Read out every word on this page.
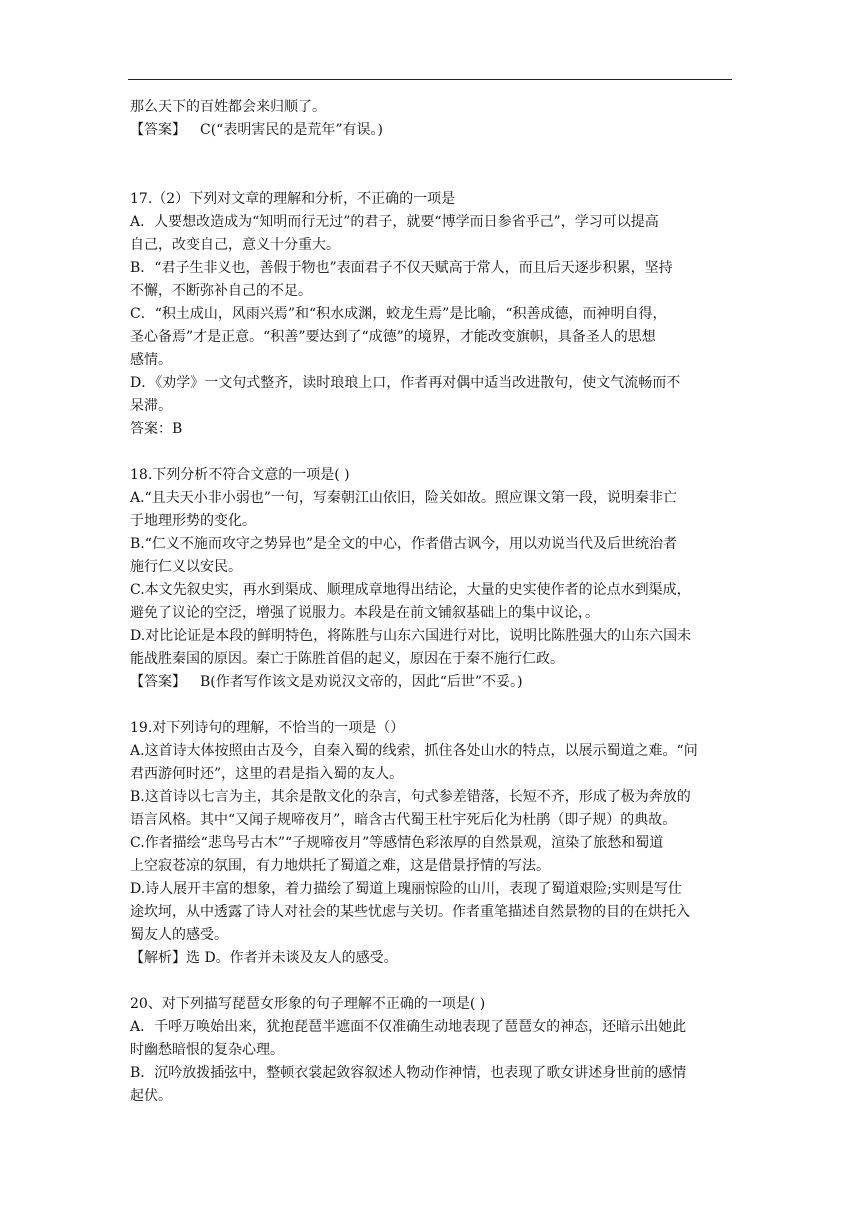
那么天下的百姓都会来归顺了。
【答案】 C(“表明害民的是荒年”有误。)
17.（2）下列对文章的理解和分析，不正确的一项是
A．人要想改造成为“知明而行无过”的君子，就要“博学而日参省乎己”，学习可以提高
自己，改变自己，意义十分重大。
B．“君子生非义也，善假于物也”表面君子不仅天赋高于常人，而且后天逐步积累，坚持
不懈，不断弥补自己的不足。
C．“积土成山，风雨兴焉”和“积水成渊，蛟龙生焉”是比喻，“积善成德，而神明自得，
圣心备焉”才是正意。“积善”要达到了“成德”的境界，才能改变旗帜，具备圣人的思想
感情。
D．《劝学》一文句式整齐，读时琅琅上口，作者再对偶中适当改进散句，使文气流畅而不
呆滞。
答案：B
18.下列分析不符合文意的一项是( )
A.“且夫天小非小弱也”一句，写秦朝江山依旧，险关如故。照应课文第一段，说明秦非亡
于地理形势的变化。
B.“仁义不施而攻守之势异也”是全文的中心，作者借古讽今，用以劝说当代及后世统治者
施行仁义以安民。
C.本文先叙史实，再水到渠成、顺理成章地得出结论，大量的史实使作者的论点水到渠成，
避免了议论的空泛，增强了说服力。本段是在前文铺叙基础上的集中议论，。
D.对比论证是本段的鲜明特色，将陈胜与山东六国进行对比，说明比陈胜强大的山东六国未
能战胜秦国的原因。秦亡于陈胜首倡的起义，原因在于秦不施行仁政。
【答案】 B(作者写作该文是劝说汉文帝的，因此“后世”不妥。)
19.对下列诗句的理解，不恰当的一项是（）
A.这首诗大体按照由古及今，自秦入蜀的线索，抓住各处山水的特点，以展示蜀道之难。“问
君西游何时还”，这里的君是指入蜀的友人。
B.这首诗以七言为主，其余是散文化的杂言，句式参差错落，长短不齐，形成了极为奔放的
语言风格。其中“又闻子规啼夜月”，暗含古代蜀王杜宇死后化为杜鹃（即子规）的典故。
C.作者描绘“悲鸟号古木”“子规啼夜月”等感情色彩浓厚的自然景观，渲染了旅愁和蜀道
上空寂苍凉的氛围，有力地烘托了蜀道之难，这是借景抒情的写法。
D.诗人展开丰富的想象，着力描绘了蜀道上瑰丽惊险的山川，表现了蜀道艰险;实则是写仕
途坎坷，从中透露了诗人对社会的某些忧虑与关切。作者重笔描述自然景物的目的在烘托入
蜀友人的感受。
【解析】选 D。作者并未谈及友人的感受。
20、对下列描写琵琶女形象的句子理解不正确的一项是( )
A．千呼万唤始出来，犹抱琵琶半遮面不仅准确生动地表现了琶琶女的神态，还暗示出她此
时幽愁暗恨的复杂心理。
B．沉吟放拨插弦中，整顿衣裳起敛容叙述人物动作神情，也表现了歌女讲述身世前的感情
起伏。
